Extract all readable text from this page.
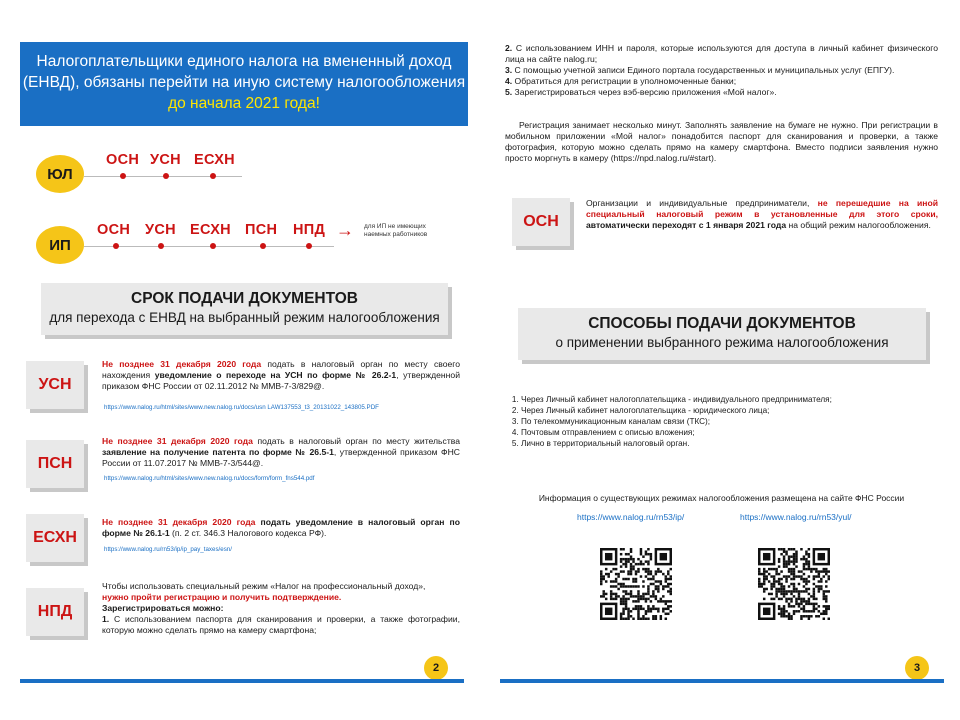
Налогоплательщики единого налога на вмененный доход
(ЕНВД), обязаны перейти на иную систему налогообложения
до начала 2021 года!
ЮЛ
ОСН УСН ЕСХН
ИП
ОСН УСН ЕСХН ПСН НПД → для ИП не имеющих
наемных работников
СРОК ПОДАЧИ ДОКУМЕНТОВ
для перехода с ЕНВД на выбранный режим налогообложения
УСН
Не позднее 31 декабря 2020 года подать в налоговый орган по месту своего нахождения уведомление о переходе на УСН по форме № 26.2-1, утвержденной приказом ФНС России от 02.11.2012 № ММВ-7-3/829@.
https://www.nalog.ru/html/sites/www.new.nalog.ru/docs/usn LAW137553_t3_20131022_143805.PDF
ПСН
Не позднее 31 декабря 2020 года подать в налоговый орган по месту жительства заявление на получение патента по форме № 26.5-1, утвержденной приказом ФНС России от 11.07.2017 № ММВ-7-3/544@.
https://www.nalog.ru/html/sites/www.new.nalog.ru/docs/form/form_fns544.pdf
ЕСХН
Не позднее 31 декабря 2020 года подать уведомление в налоговый орган по форме № 26.1-1 (п. 2 ст. 346.3 Налогового кодекса РФ).
https://www.nalog.ru/rn53/ip/ip_pay_taxes/esn/
НПД
Чтобы использовать специальный режим «Налог на профессиональный доход»,
нужно пройти регистрацию и получить подтверждение.
Зарегистрироваться можно:
1. С использованием паспорта для сканирования и проверки, а также фотографии, которую можно сделать прямо на камеру смартфона;
2
2. С использованием ИНН и пароля, которые используются для доступа в личный кабинет физического лица на сайте nalog.ru;
3. С помощью учетной записи Единого портала государственных и муниципальных услуг (ЕПГУ).
4. Обратиться для регистрации в уполномоченные банки;
5. Зарегистрироваться через вэб-версию приложения «Мой налог».
Регистрация занимает несколько минут. Заполнять заявление на бумаге не нужно. При регистрации в мобильном приложении «Мой налог» понадобится паспорт для сканирования и проверки, а также фотография, которую можно сделать прямо на камеру смартфона. Вместо подписи заявления нужно просто моргнуть в камеру (https://npd.nalog.ru/#start).
ОСН
Организации и индивидуальные предприниматели, не перешедшие на иной специальный налоговый режим в установленные для этого сроки, автоматически переходят с 1 января 2021 года на общий режим налогообложения.
СПОСОБЫ ПОДАЧИ ДОКУМЕНТОВ
о применении выбранного режима налогообложения
1. Через Личный кабинет налогоплательщика - индивидуального предпринимателя;
2. Через Личный кабинет налогоплательщика - юридического лица;
3. По телекоммуникационным каналам связи (ТКС);
4. Почтовым отправлением с описью вложения;
5. Лично в территориальный налоговый орган.
Информация о существующих режимах налогообложения размещена на сайте ФНС России
https://www.nalog.ru/rn53/ip/	https://www.nalog.ru/rn53/yul/
3
